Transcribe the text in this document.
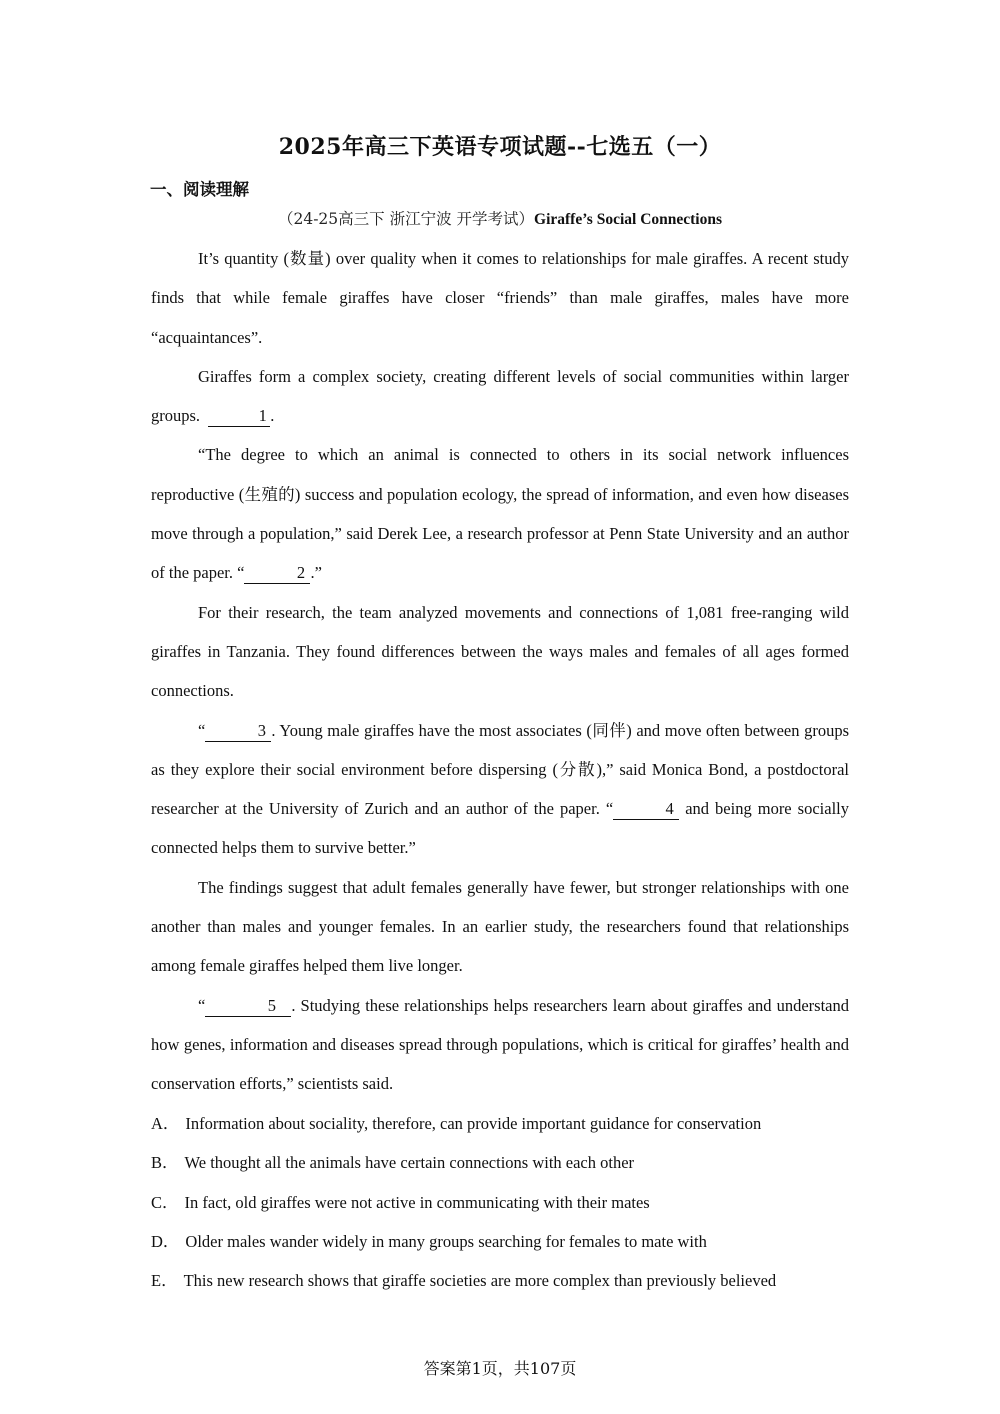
2025年高三下英语专项试题--七选五（一）
一、阅读理解
（24-25高三下 浙江宁波 开学考试）Giraffe’s Social Connections

It’s quantity (数量) over quality when it comes to relationships for male giraffes. A recent study finds that while female giraffes have closer “friends” than male giraffes, males have more “acquaintances”.

Giraffes form a complex society, creating different levels of social communities within larger groups.	1 .

“The degree to which an animal is connected to others in its social network influences reproductive (生殖的) success and population ecology, the spread of information, and even how diseases move through a population,” said Derek Lee, a research professor at Penn State University and an author of the paper. “	2 .”

For their research, the team analyzed movements and connections of 1,081 free-ranging wild giraffes in Tanzania. They found differences between the ways males and females of all ages formed connections.

“	3 . Young male giraffes have the most associates (同伴) and move often between groups as they explore their social environment before dispersing (分散),” said Monica Bond, a postdoctoral researcher at the University of Zurich and an author of the paper. “	4 and being more socially connected helps them to survive better.”

The findings suggest that adult females generally have fewer, but stronger relationships with one another than males and younger females. In an earlier study, the researchers found that relationships among female giraffes helped them live longer.

“	5 . Studying these relationships helps researchers learn about giraffes and understand how genes, information and diseases spread through populations, which is critical for giraffes’ health and conservation efforts,” scientists said.

A． Information about sociality, therefore, can provide important guidance for conservation
B． We thought all the animals have certain connections with each other
C． In fact, old giraffes were not active in communicating with their mates
D． Older males wander widely in many groups searching for females to mate with
E． This new research shows that giraffe societies are more complex than previously believed
答案第1页，共107页
